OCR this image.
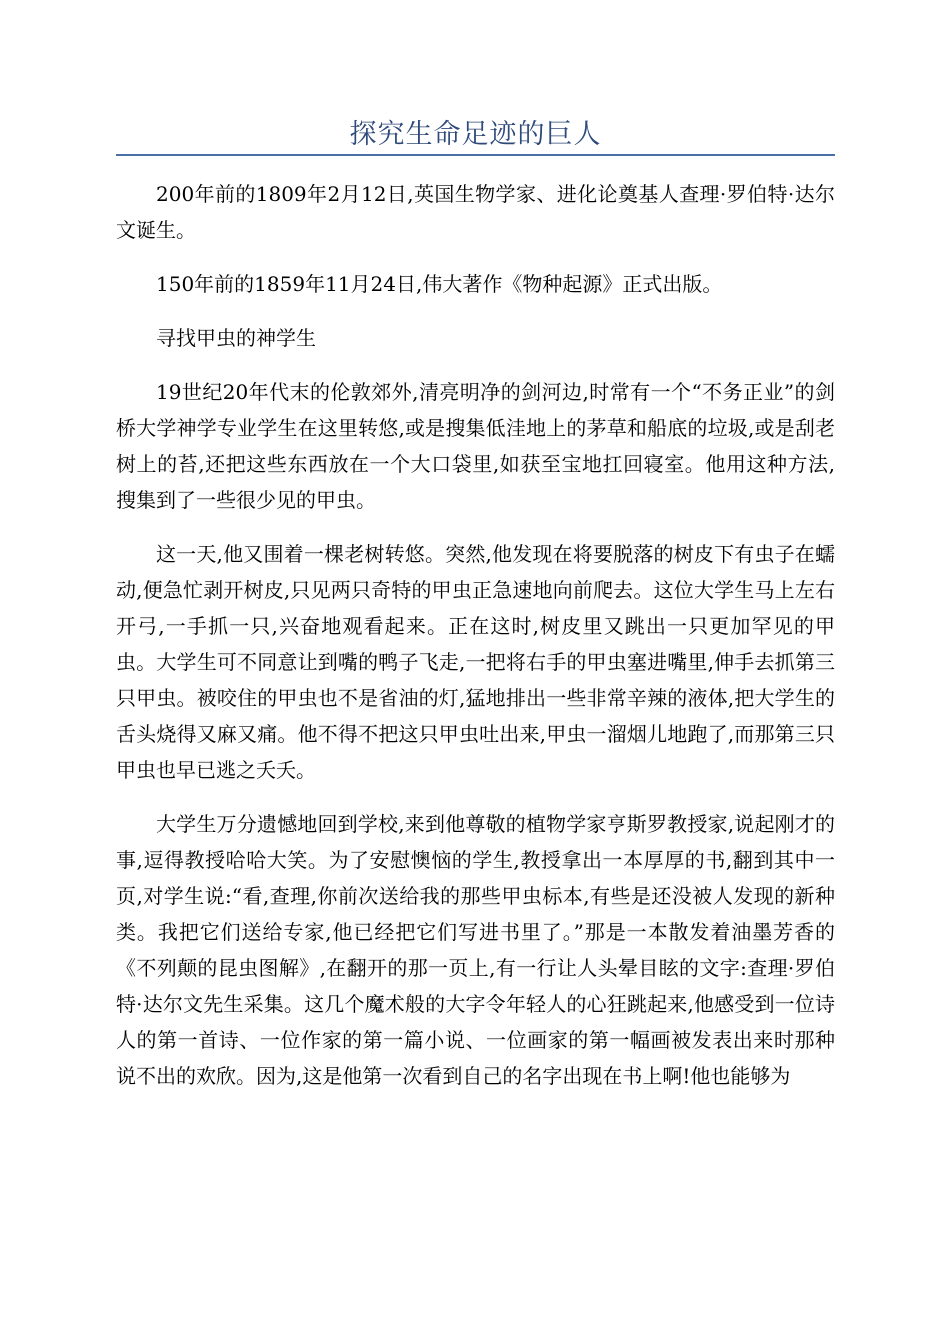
探究生命足迹的巨人

200年前的1809年2月12日,英国生物学家、进化论奠基人查理·罗伯特·达尔文诞生。

150年前的1859年11月24日,伟大著作《物种起源》正式出版。

寻找甲虫的神学生

19世纪20年代末的伦敦郊外,清亮明净的剑河边,时常有一个“不务正业”的剑桥大学神学专业学生在这里转悠,或是搜集低洼地上的茅草和船底的垃圾,或是刮老树上的苔,还把这些东西放在一个大口袋里,如获至宝地扛回寝室。他用这种方法,搜集到了一些很少见的甲虫。

这一天,他又围着一棵老树转悠。突然,他发现在将要脱落的树皮下有虫子在蠕动,便急忙剥开树皮,只见两只奇特的甲虫正急速地向前爬去。这位大学生马上左右开弓,一手抓一只,兴奋地观看起来。正在这时,树皮里又跳出一只更加罕见的甲虫。大学生可不同意让到嘴的鸭子飞走,一把将右手的甲虫塞进嘴里,伸手去抓第三只甲虫。被咬住的甲虫也不是省油的灯,猛地排出一些非常辛辣的液体,把大学生的舌头烧得又麻又痛。他不得不把这只甲虫吐出来,甲虫一溜烟儿地跑了,而那第三只甲虫也早已逃之夭夭。

大学生万分遗憾地回到学校,来到他尊敬的植物学家亨斯罗教授家,说起刚才的事,逗得教授哈哈大笑。为了安慰懊恼的学生,教授拿出一本厚厚的书,翻到其中一页,对学生说:“看,查理,你前次送给我的那些甲虫标本,有些是还没被人发现的新种类。我把它们送给专家,他已经把它们写进书里了。”那是一本散发着油墨芳香的《不列颠的昆虫图解》,在翻开的那一页上,有一行让人头晕目眩的文字:查理·罗伯特·达尔文先生采集。这几个魔术般的大字令年轻人的心狂跳起来,他感受到一位诗人的第一首诗、一位作家的第一篇小说、一位画家的第一幅画被发表出来时那种说不出的欢欣。因为,这是他第一次看到自己的名字出现在书上啊!他也能够为
